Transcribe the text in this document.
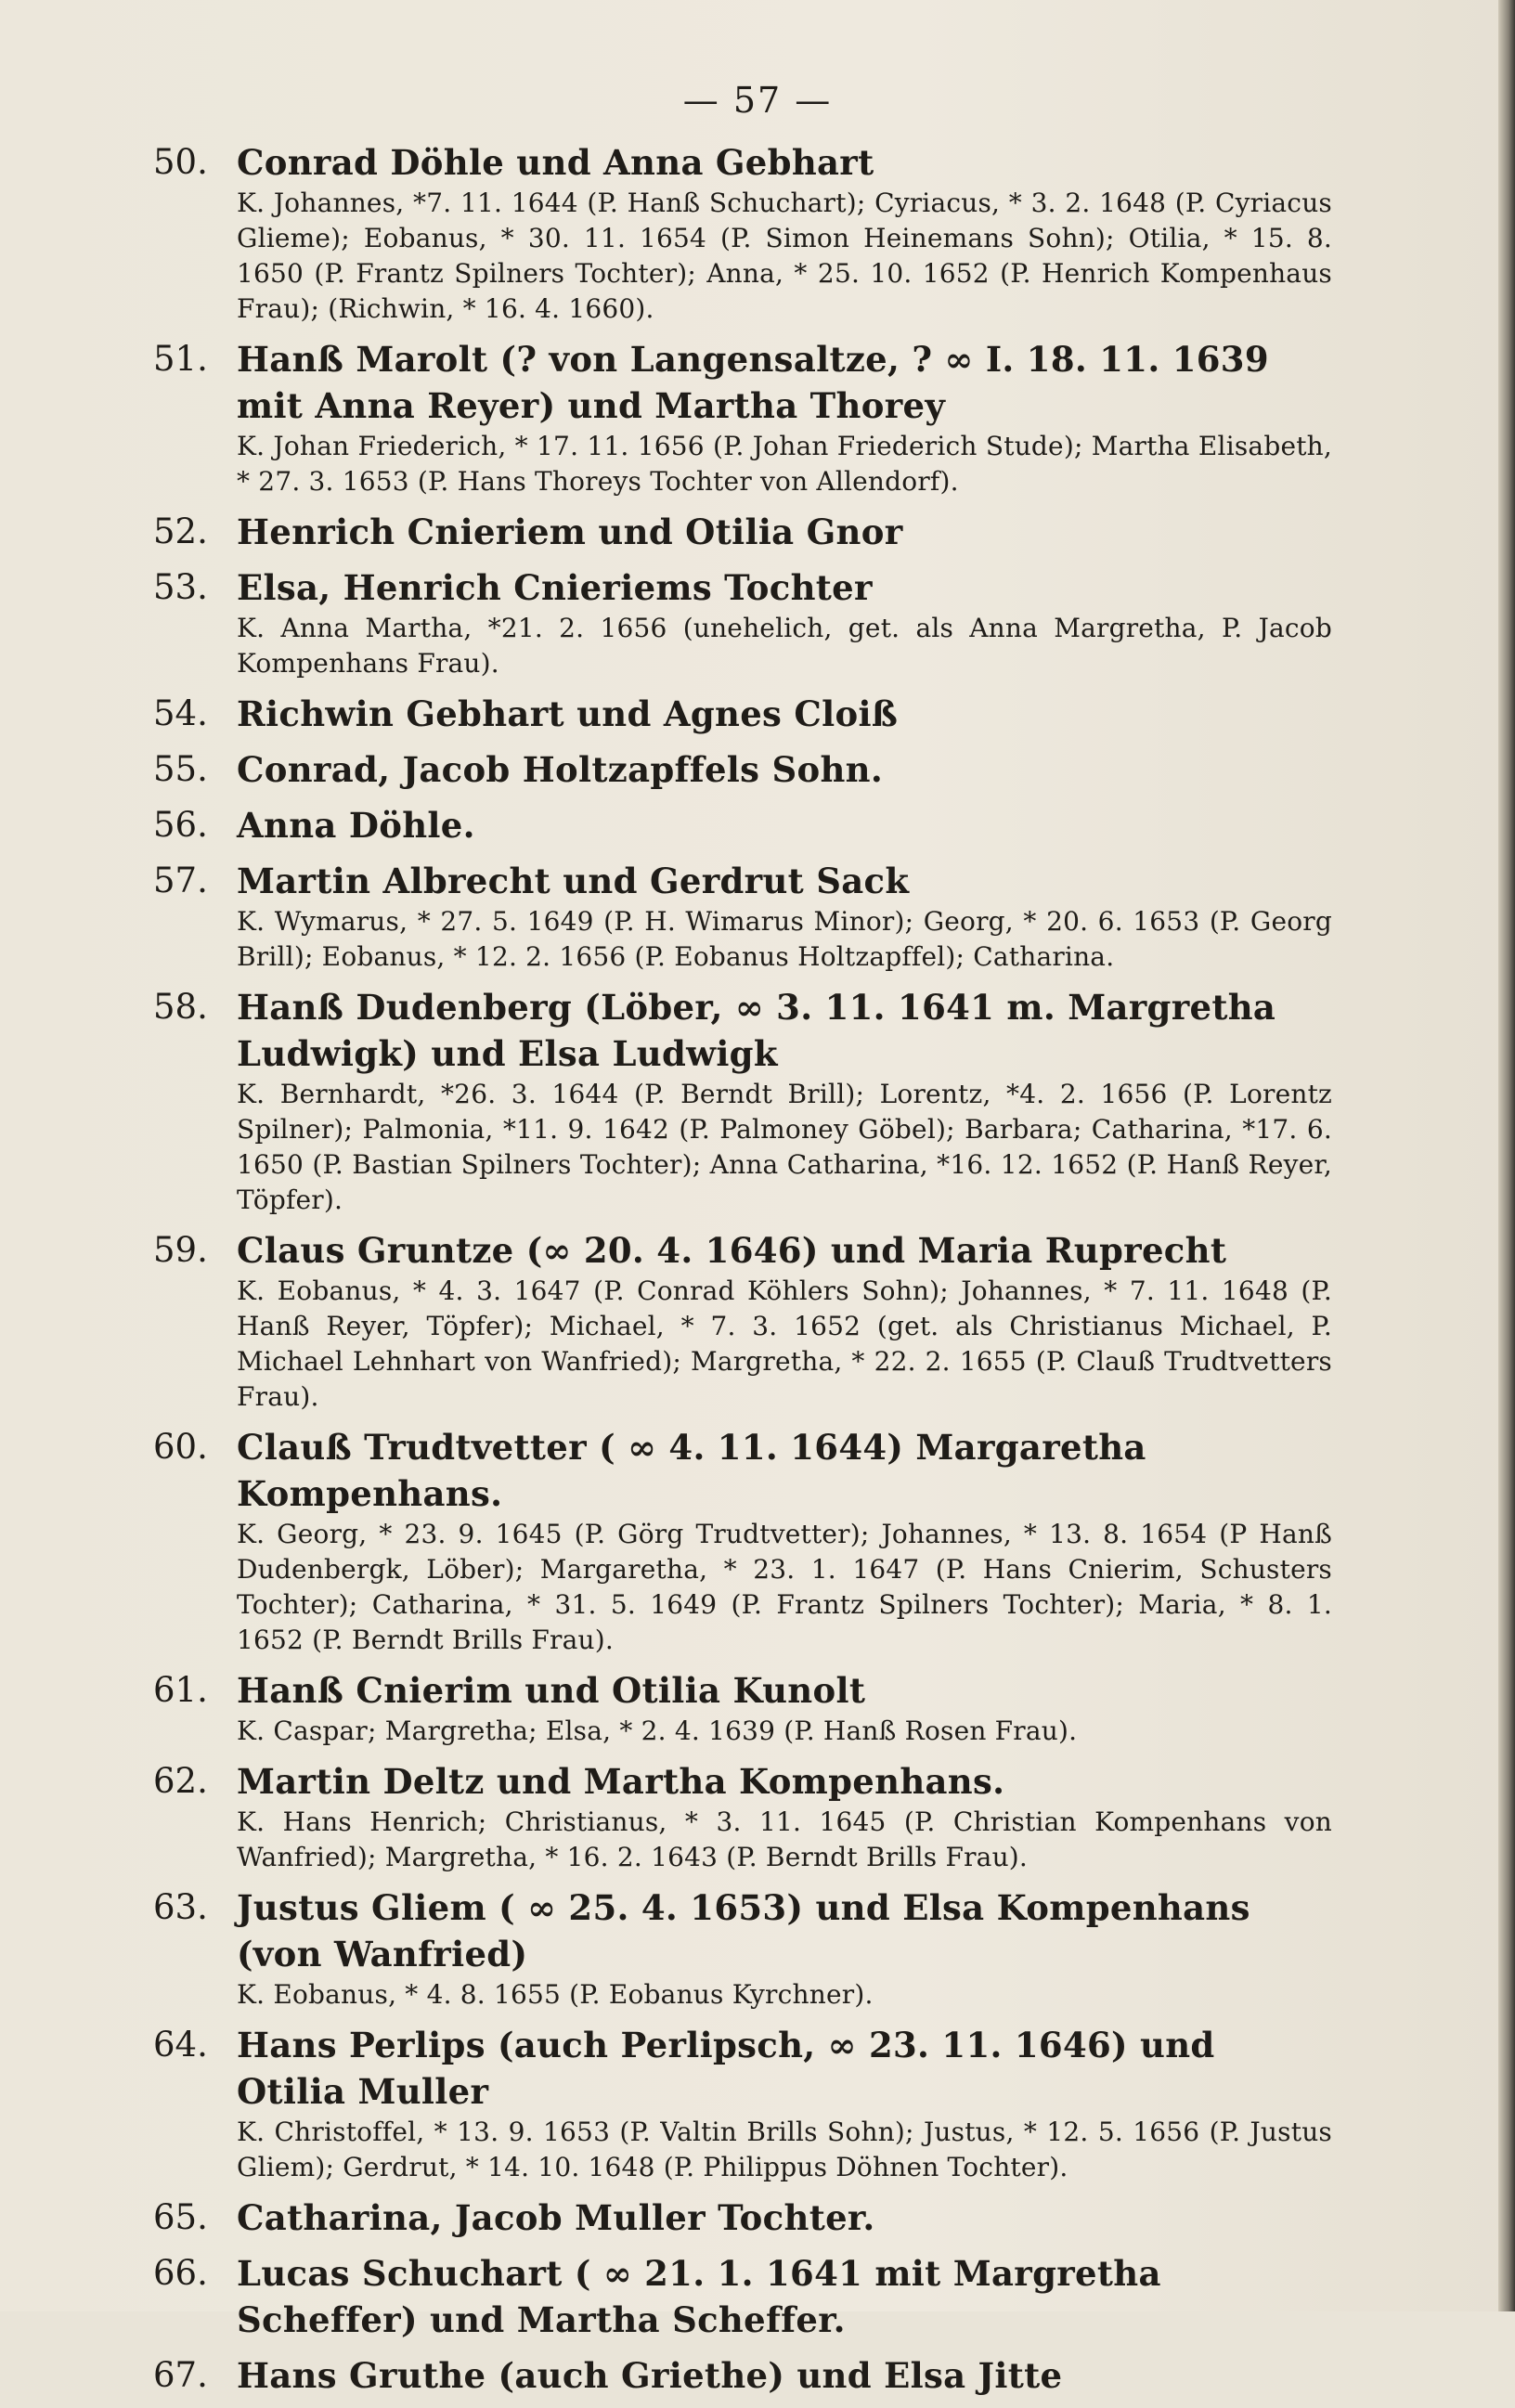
— 57 —
50. Conrad Döhle und Anna Gebhart
K. Johannes, *7. 11. 1644 (P. Hanß Schuchart); Cyriacus, * 3. 2. 1648 (P. Cyriacus Glieme); Eobanus, * 30. 11. 1654 (P. Simon Heinemans Sohn); Otilia, * 15. 8. 1650 (P. Frantz Spilners Tochter); Anna, * 25. 10. 1652 (P. Henrich Kompenhaus Frau); (Richwin, * 16. 4. 1660).
51. Hanß Marolt (? von Langensaltze, ? ∞ I. 18. 11. 1639 mit Anna Reyer) und Martha Thorey
K. Johan Friederich, * 17. 11. 1656 (P. Johan Friederich Stude); Martha Elisabeth, * 27. 3. 1653 (P. Hans Thoreys Tochter von Allendorf).
52. Henrich Cnieriem und Otilia Gnor
53. Elsa, Henrich Cnieriems Tochter
K. Anna Martha, *21. 2. 1656 (unehelich, get. als Anna Margretha, P. Jacob Kompenhans Frau).
54. Richwin Gebhart und Agnes Cloiß
55. Conrad, Jacob Holtzapffels Sohn.
56. Anna Döhle.
57. Martin Albrecht und Gerdrut Sack
K. Wymarus, * 27. 5. 1649 (P. H. Wimarus Minor); Georg, * 20. 6. 1653 (P. Georg Brill); Eobanus, * 12. 2. 1656 (P. Eobanus Holtzapffel); Catharina.
58. Hanß Dudenberg (Löber, ∞ 3. 11. 1641 m. Margretha Ludwigk) und Elsa Ludwigk
K. Bernhardt, *26. 3. 1644 (P. Berndt Brill); Lorentz, *4. 2. 1656 (P. Lorentz Spilner); Palmonia, *11. 9. 1642 (P. Palmoney Göbel); Barbara; Catharina, *17. 6. 1650 (P. Bastian Spilners Tochter); Anna Catharina, *16. 12. 1652 (P. Hanß Reyer, Töpfer).
59. Claus Gruntze (∞ 20. 4. 1646) und Maria Ruprecht
K. Eobanus, * 4. 3. 1647 (P. Conrad Köhlers Sohn); Johannes, * 7. 11. 1648 (P. Hanß Reyer, Töpfer); Michael, * 7. 3. 1652 (get. als Christianus Michael, P. Michael Lehnhart von Wanfried); Margretha, * 22. 2. 1655 (P. Clauß Trudtvetters Frau).
60. Clauß Trudtvetter ( ∞ 4. 11. 1644) Margaretha Kompenhans.
K. Georg, * 23. 9. 1645 (P. Görg Trudtvetter); Johannes, * 13. 8. 1654 (P Hanß Dudenbergk, Löber); Margaretha, * 23. 1. 1647 (P. Hans Cnierim, Schusters Tochter); Catharina, * 31. 5. 1649 (P. Frantz Spilners Tochter); Maria, * 8. 1. 1652 (P. Berndt Brills Frau).
61. Hanß Cnierim und Otilia Kunolt
K. Caspar; Margretha; Elsa, * 2. 4. 1639 (P. Hanß Rosen Frau).
62. Martin Deltz und Martha Kompenhans.
K. Hans Henrich; Christianus, * 3. 11. 1645 (P. Christian Kompenhans von Wanfried); Margretha, * 16. 2. 1643 (P. Berndt Brills Frau).
63. Justus Gliem ( ∞ 25. 4. 1653) und Elsa Kompenhans (von Wanfried)
K. Eobanus, * 4. 8. 1655 (P. Eobanus Kyrchner).
64. Hans Perlips (auch Perlipsch, ∞ 23. 11. 1646) und Otilia Muller
K. Christoffel, * 13. 9. 1653 (P. Valtin Brills Sohn); Justus, * 12. 5. 1656 (P. Justus Gliem); Gerdrut, * 14. 10. 1648 (P. Philippus Döhnen Tochter).
65. Catharina, Jacob Muller Tochter.
66. Lucas Schuchart ( ∞ 21. 1. 1641 mit Margretha Scheffer) und Martha Scheffer.
67. Hans Gruthe (auch Griethe) und Elsa Jitte
